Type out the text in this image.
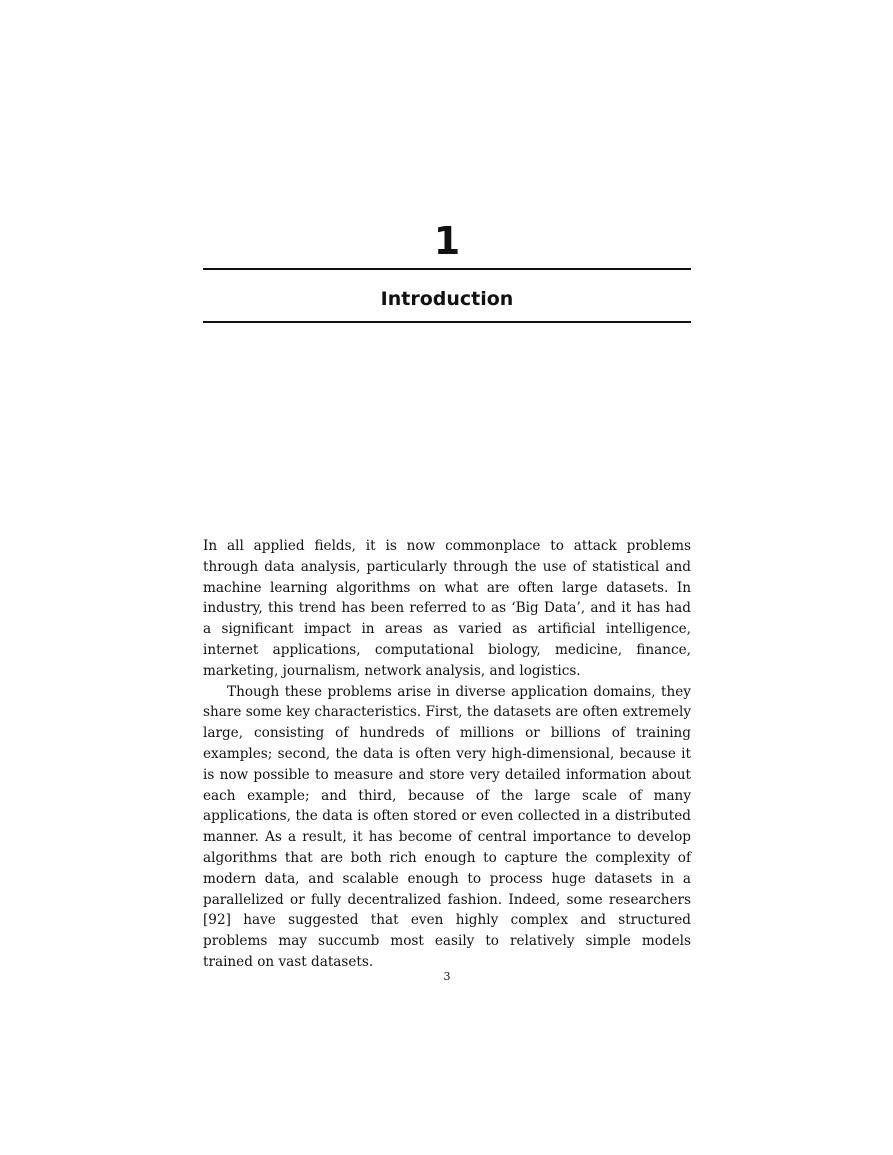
1
Introduction

In all applied fields, it is now commonplace to attack problems through data analysis, particularly through the use of statistical and machine learning algorithms on what are often large datasets. In industry, this trend has been referred to as ‘Big Data’, and it has had a significant impact in areas as varied as artificial intelligence, internet applications, computational biology, medicine, finance, marketing, journalism, network analysis, and logistics.

Though these problems arise in diverse application domains, they share some key characteristics. First, the datasets are often extremely large, consisting of hundreds of millions or billions of training examples; second, the data is often very high-dimensional, because it is now possible to measure and store very detailed information about each example; and third, because of the large scale of many applications, the data is often stored or even collected in a distributed manner. As a result, it has become of central importance to develop algorithms that are both rich enough to capture the complexity of modern data, and scalable enough to process huge datasets in a parallelized or fully decentralized fashion. Indeed, some researchers [92] have suggested that even highly complex and structured problems may succumb most easily to relatively simple models trained on vast datasets.

3
